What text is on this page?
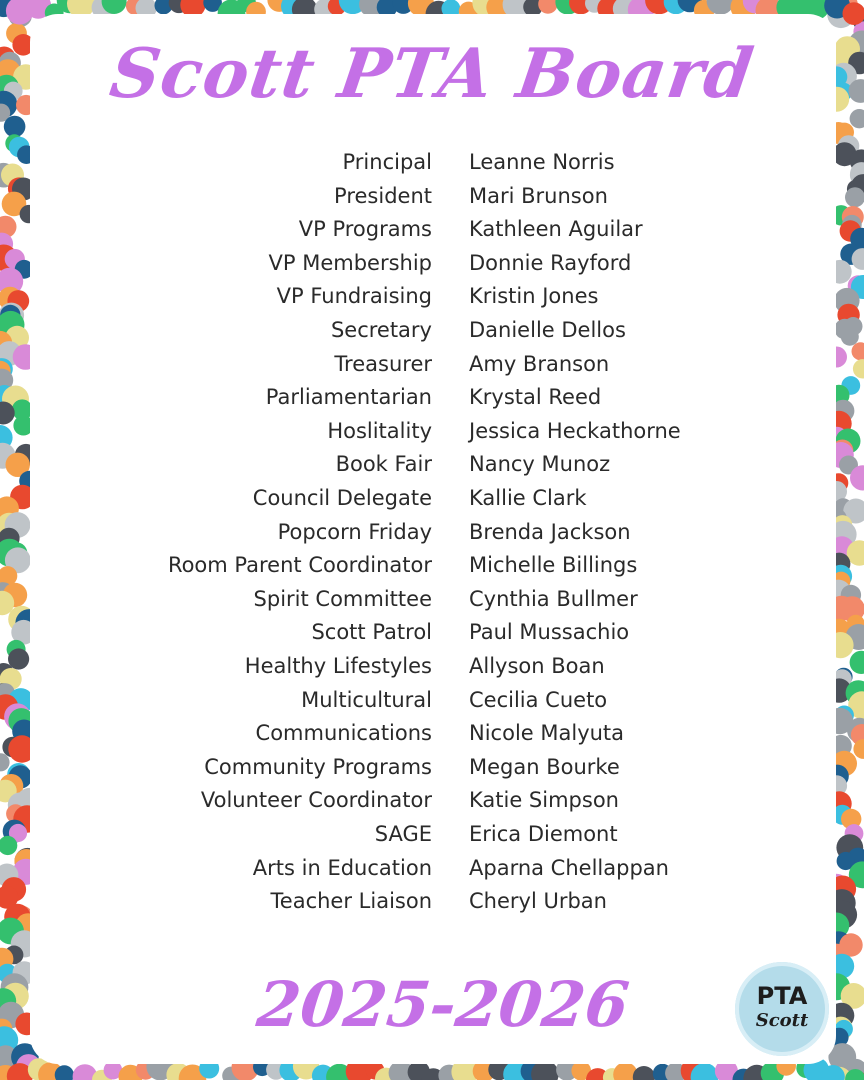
Scott PTA Board
Principal Leanne Norris
President Mari Brunson
VP Programs Kathleen Aguilar
VP Membership Donnie Rayford
VP Fundraising Kristin Jones
Secretary Danielle Dellos
Treasurer Amy Branson
Parliamentarian Krystal Reed
Hoslitality Jessica Heckathorne
Book Fair Nancy Munoz
Council Delegate Kallie Clark
Popcorn Friday Brenda Jackson
Room Parent Coordinator Michelle Billings
Spirit Committee Cynthia Bullmer
Scott Patrol Paul Mussachio
Healthy Lifestyles Allyson Boan
Multicultural Cecilia Cueto
Communications Nicole Malyuta
Community Programs Megan Bourke
Volunteer Coordinator Katie Simpson
SAGE Erica Diemont
Arts in Education Aparna Chellappan
Teacher Liaison Cheryl Urban
2025-2026	PTA
Scott
